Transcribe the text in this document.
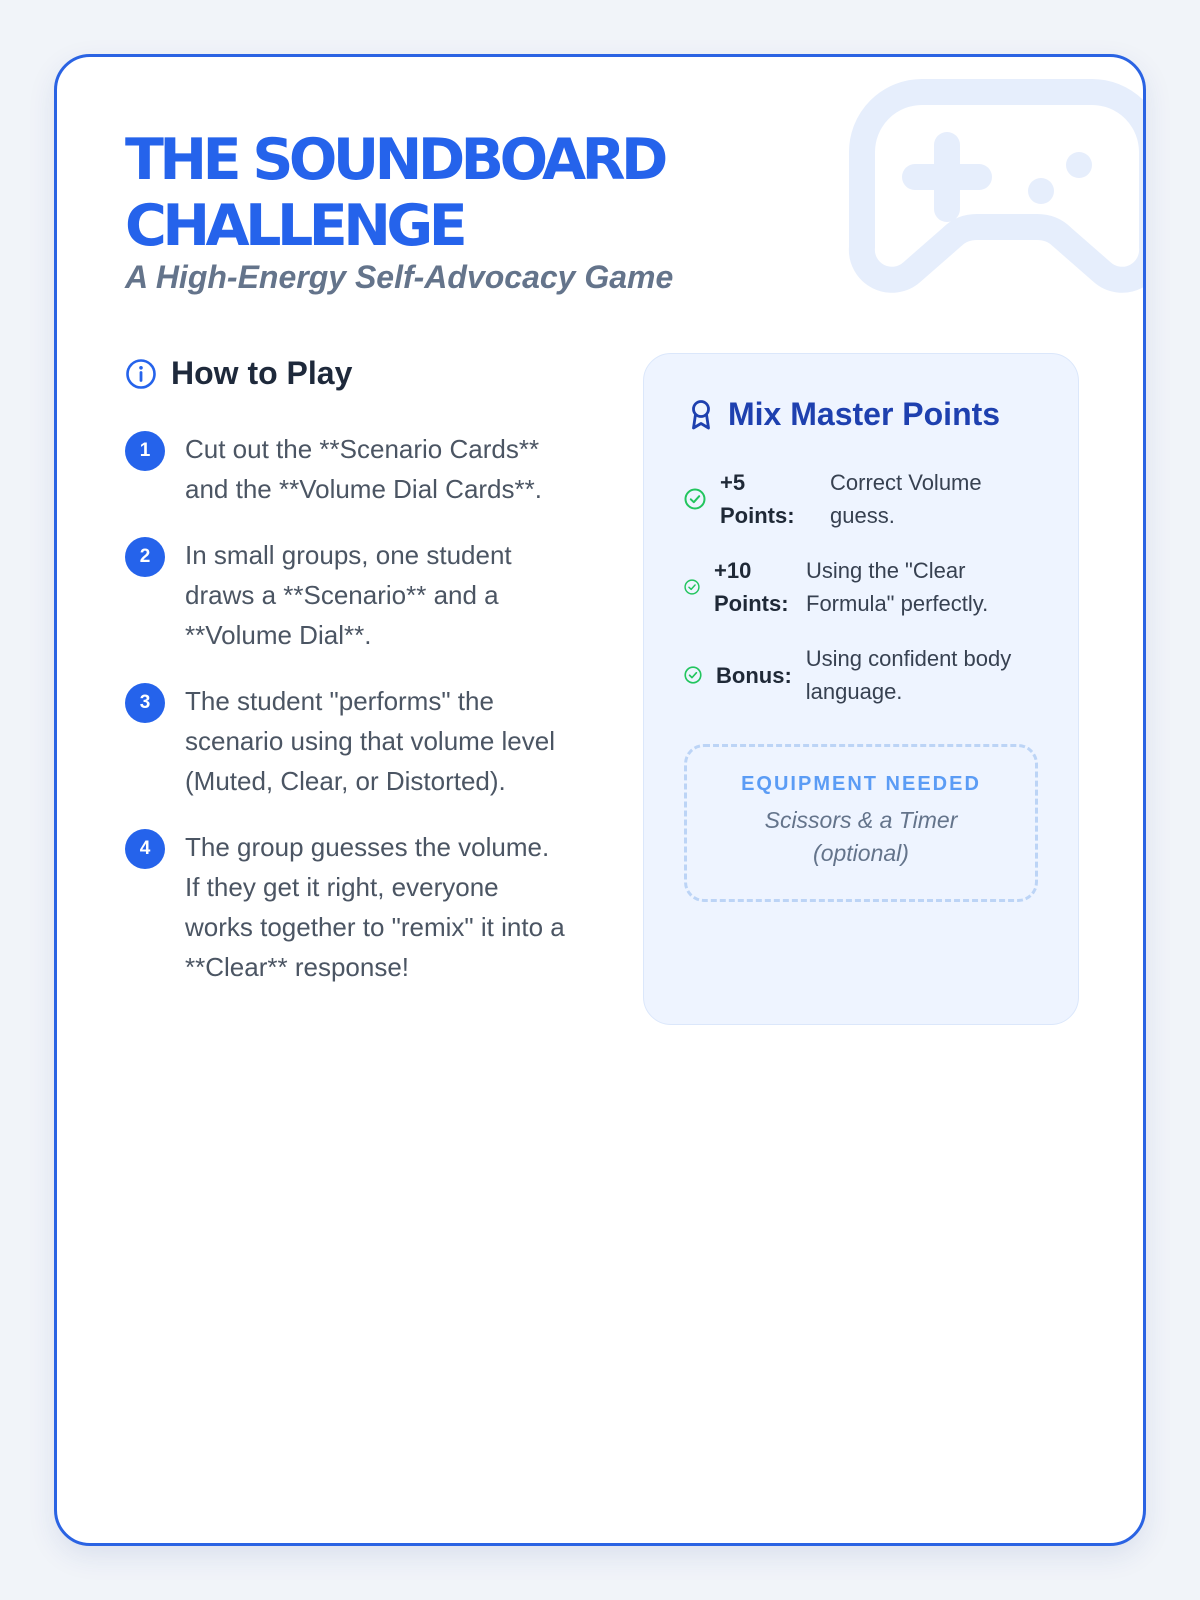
THE SOUNDBOARD
CHALLENGE
A High-Energy Self-Advocacy Game
How to Play
1	Cut out the **Scenario Cards** and the **Volume Dial Cards**.
2	In small groups, one student draws a **Scenario** and a **Volume Dial**.
3	The student "performs" the scenario using that volume level (Muted, Clear, or Distorted).
4	The group guesses the volume. If they get it right, everyone works together to "remix" it into a **Clear** response!
Mix Master Points
+5 Points:
Correct Volume guess.
+10 Points:
Using the "Clear Formula" perfectly.
Bonus:
Using confident body language.
EQUIPMENT NEEDED
Scissors & a Timer (optional)
